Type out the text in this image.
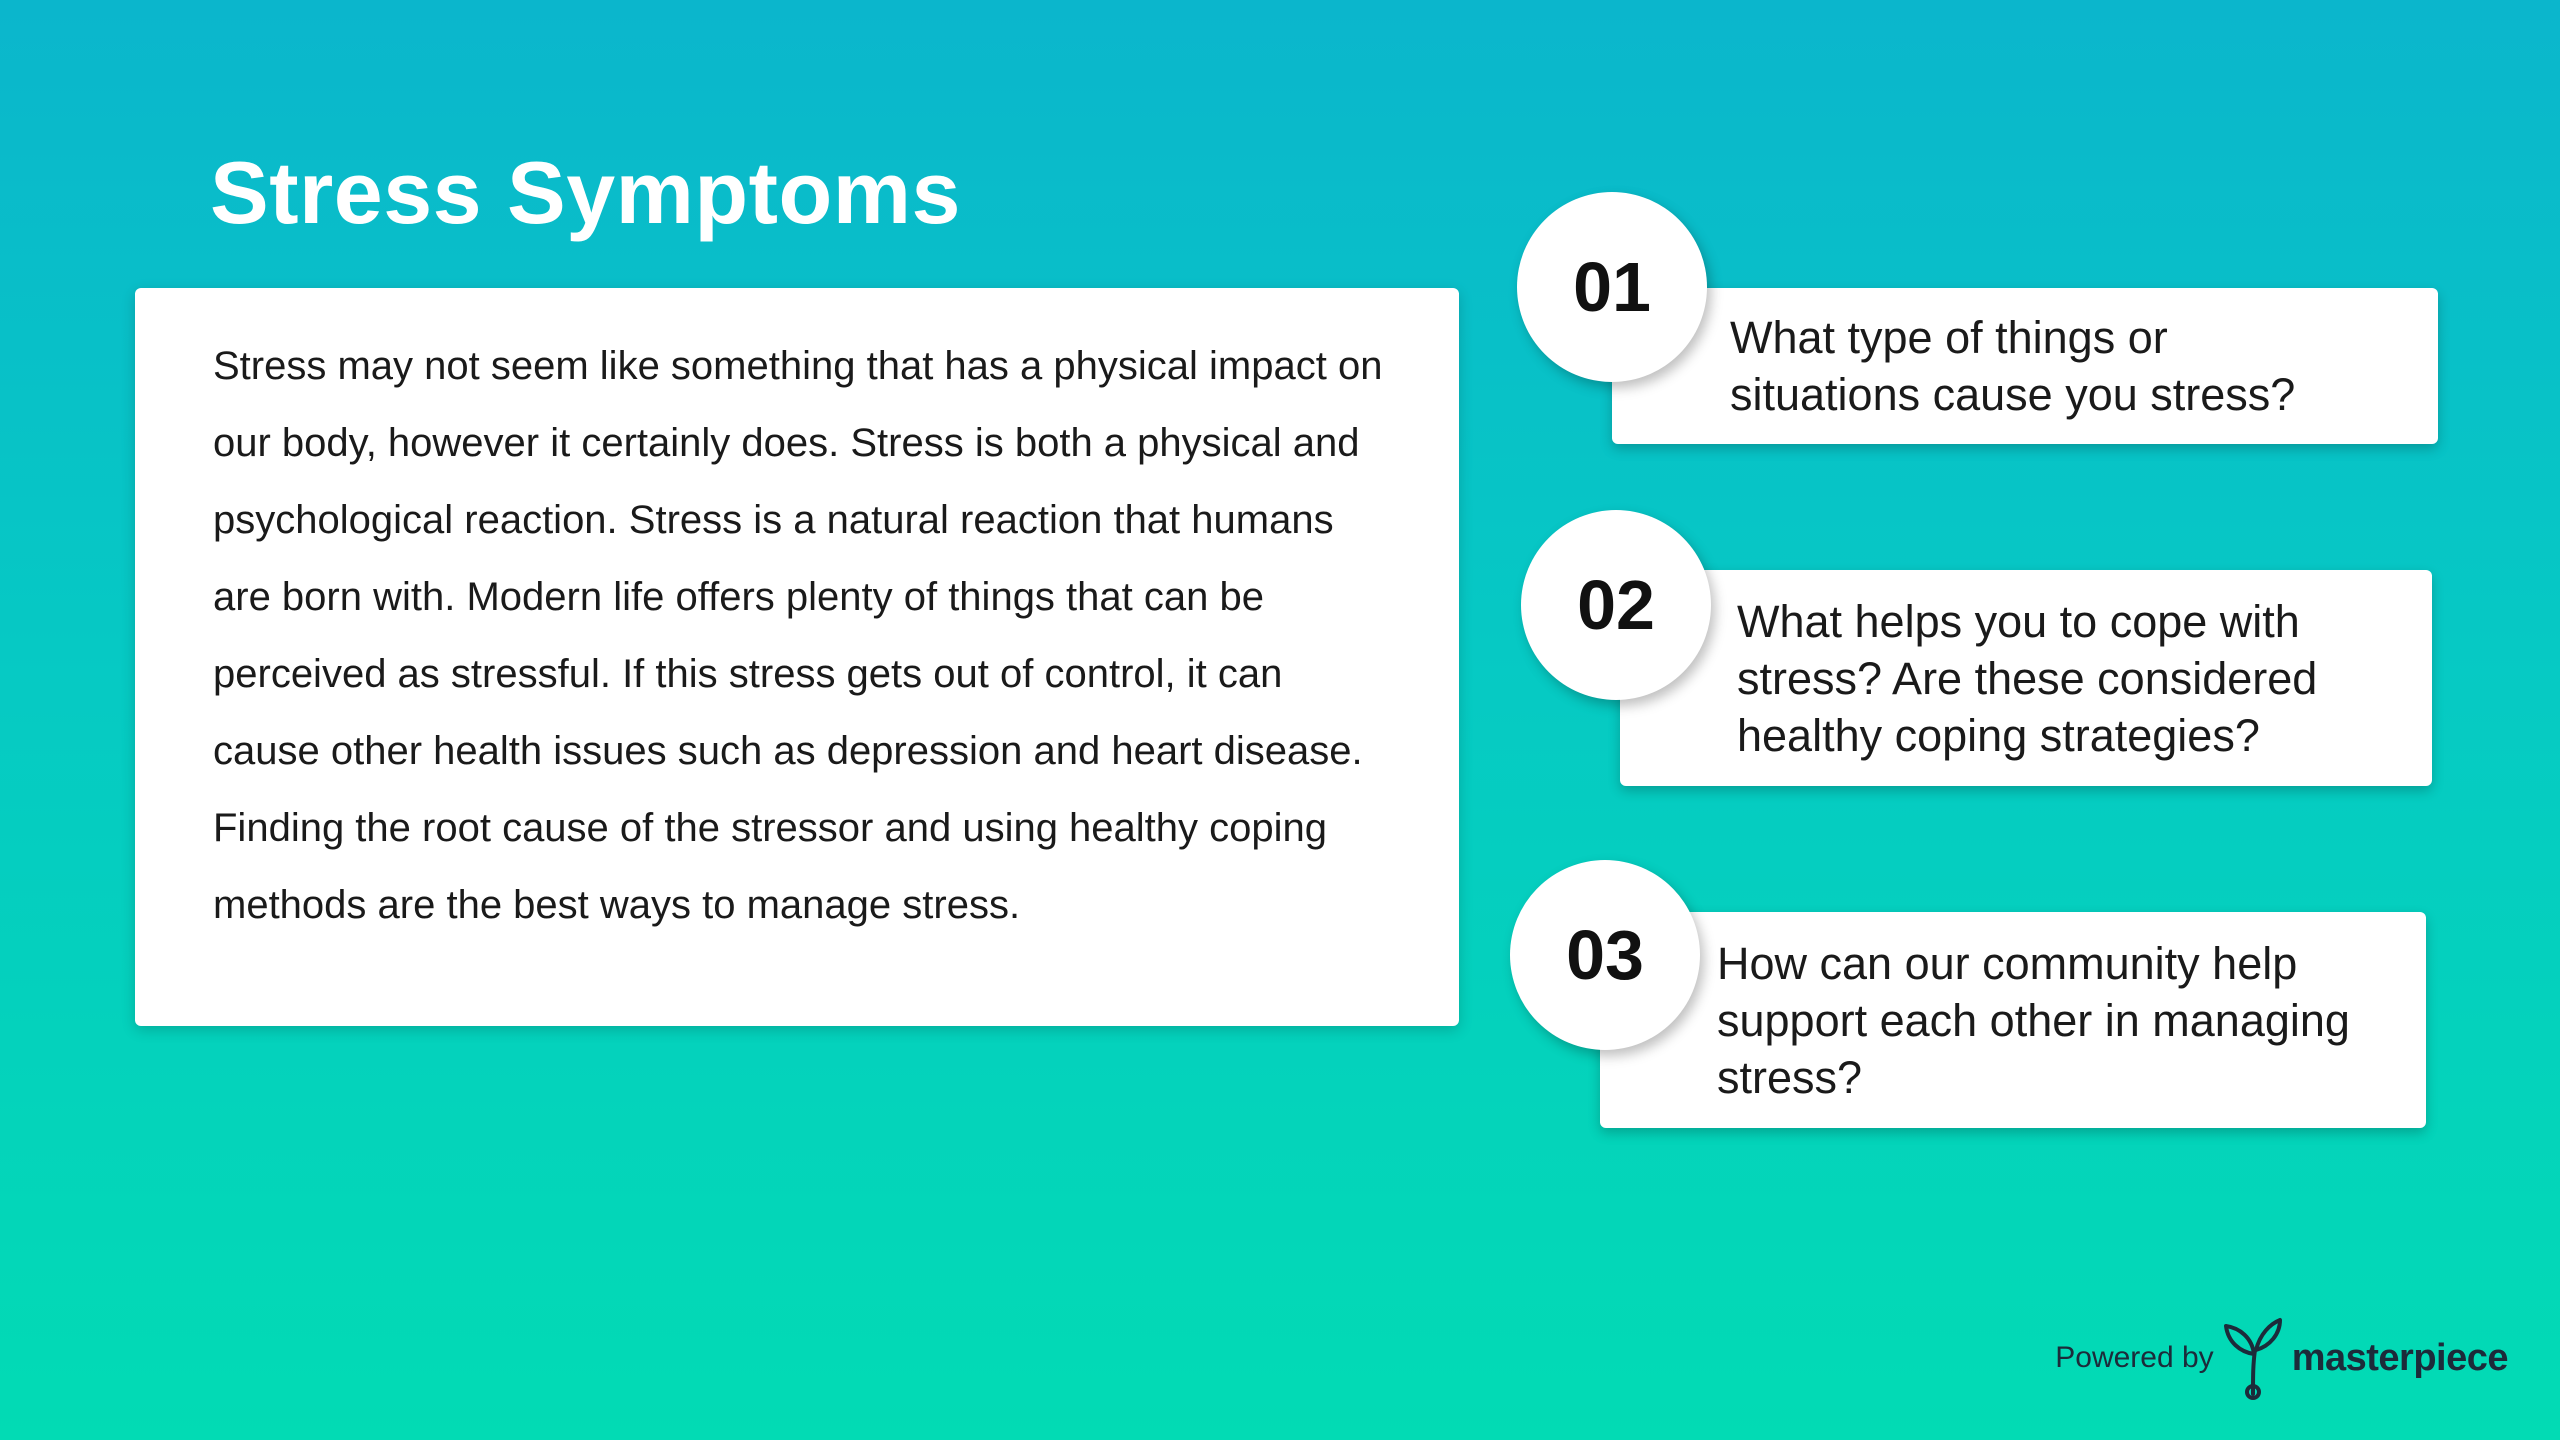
Stress Symptoms

Stress may not seem like something that has a physical impact on our body, however it certainly does. Stress is both a physical and psychological reaction. Stress is a natural reaction that humans are born with. Modern life offers plenty of things that can be perceived as stressful. If this stress gets out of control, it can cause other health issues such as depression and heart disease. Finding the root cause of the stressor and using healthy coping methods are the best ways to manage stress.

What type of things or situations cause you stress?
01
What helps you to cope with stress? Are these considered healthy coping strategies?
02
How can our community help support each other in managing stress?
03
Powered by masterpiece
